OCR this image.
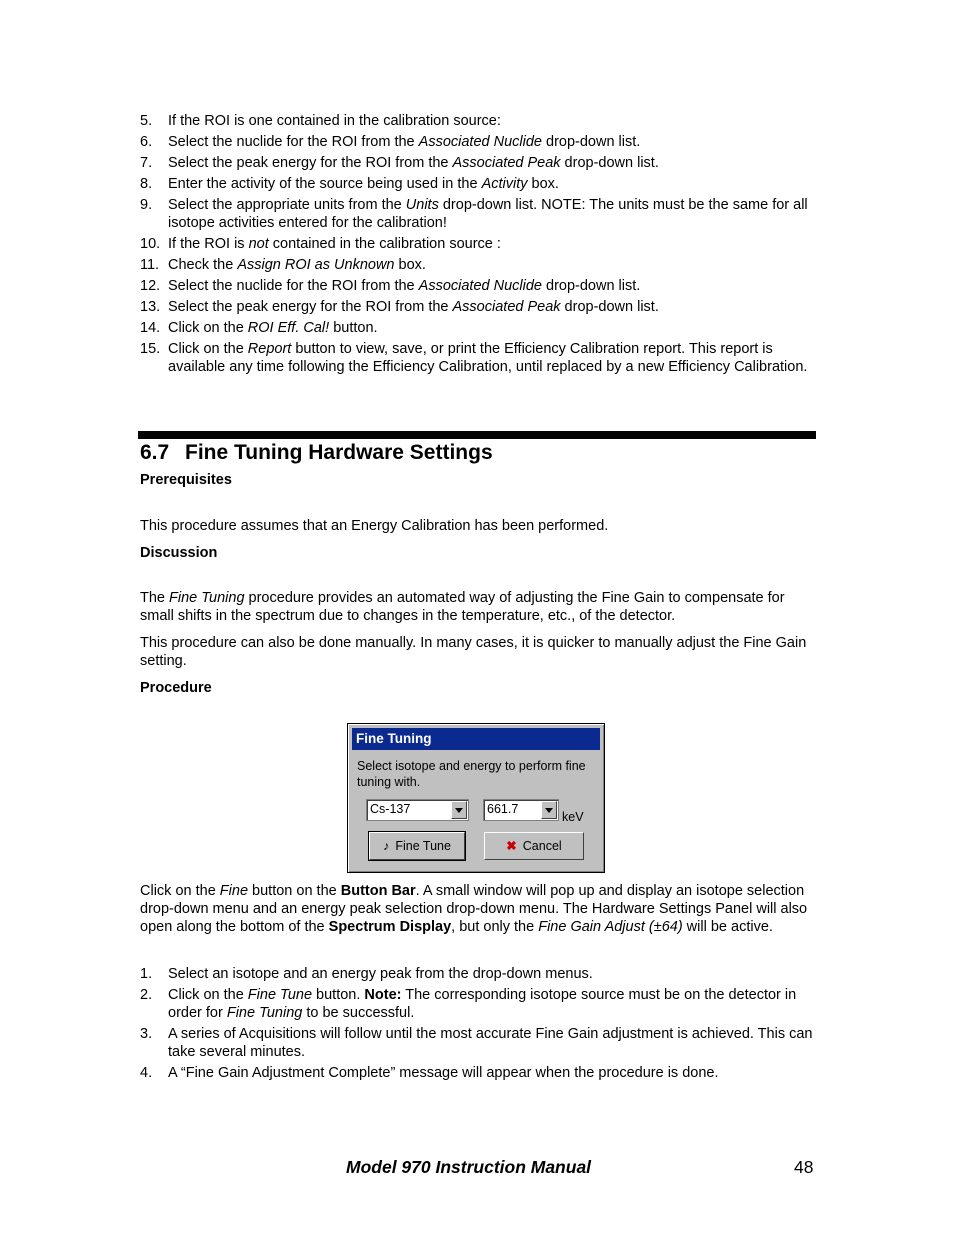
5. If the ROI is one contained in the calibration source:
6. Select the nuclide for the ROI from the Associated Nuclide drop-down list.
7. Select the peak energy for the ROI from the Associated Peak drop-down list.
8. Enter the activity of the source being used in the Activity box.
9. Select the appropriate units from the Units drop-down list. NOTE: The units must be the same for all isotope activities entered for the calibration!
10. If the ROI is not contained in the calibration source :
11. Check the Assign ROI as Unknown box.
12. Select the nuclide for the ROI from the Associated Nuclide drop-down list.
13. Select the peak energy for the ROI from the Associated Peak drop-down list.
14. Click on the ROI Eff. Cal! button.
15. Click on the Report button to view, save, or print the Efficiency Calibration report. This report is available any time following the Efficiency Calibration, until replaced by a new Efficiency Calibration.
6.7 Fine Tuning Hardware Settings
Prerequisites
This procedure assumes that an Energy Calibration has been performed.
Discussion
The Fine Tuning procedure provides an automated way of adjusting the Fine Gain to compensate for small shifts in the spectrum due to changes in the temperature, etc., of the detector.
This procedure can also be done manually. In many cases, it is quicker to manually adjust the Fine Gain setting.
Procedure
Fine Tuning
Select isotope and energy to perform fine tuning with.
Cs-137	661.7
keV
♪ Fine Tune	✖ Cancel
Click on the Fine button on the Button Bar. A small window will pop up and display an isotope selection drop-down menu and an energy peak selection drop-down menu. The Hardware Settings Panel will also open along the bottom of the Spectrum Display, but only the Fine Gain Adjust (±64) will be active.
1. Select an isotope and an energy peak from the drop-down menus.
2. Click on the Fine Tune button. Note: The corresponding isotope source must be on the detector in order for Fine Tuning to be successful.
3. A series of Acquisitions will follow until the most accurate Fine Gain adjustment is achieved. This can take several minutes.
4. A “Fine Gain Adjustment Complete” message will appear when the procedure is done.
Model 970 Instruction Manual	48
